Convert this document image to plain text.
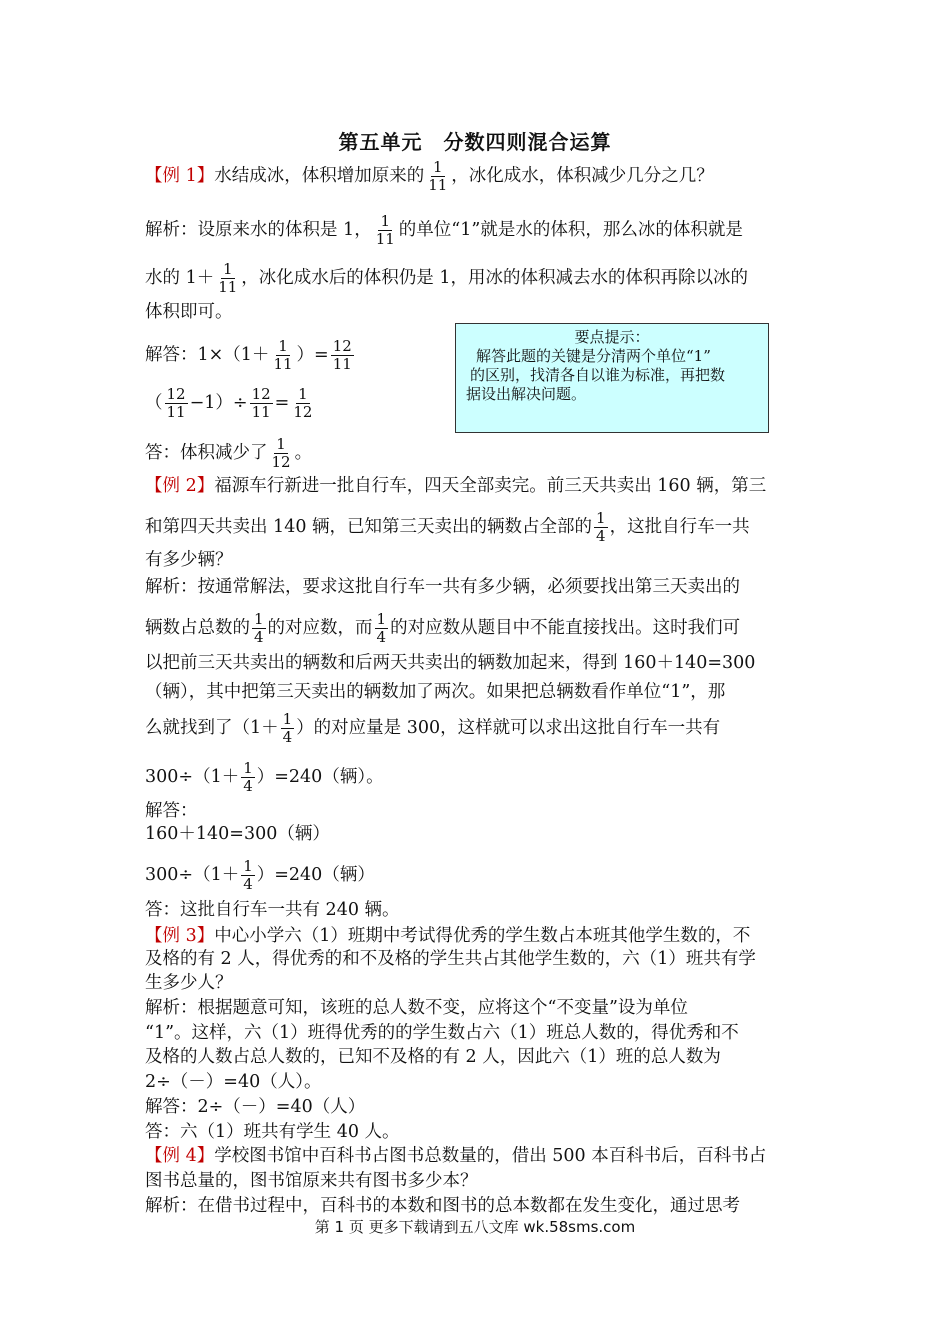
第五单元　分数四则混合运算
【例 1】水结成冰，体积增加原来的 $\frac{1}{11}$ ，冰化成水，体积减少几分之几？
解析：设原来水的体积是 1， $\frac{1}{11}$ 的单位“1”就是水的体积，那么冰的体积就是
水的 $1+ \frac{1}{11}$ ，冰化成水后的体积仍是 1，用冰的体积减去水的体积再除以冰的
体积即可。
解答：$1\times(1+ \frac{1}{11}$ ）= $\frac{12}{11}$
（ $\frac{12}{11} -1)\div \frac{12}{11} = \frac{1}{12}$
答：体积减少了 $\frac{1}{12}$ 。
要点提示：
解答此题的关键是分清两个单位“1”
的区别，找清各自以谁为标准，再把数
据设出解决问题。
【例 2】福源车行新进一批自行车，四天全部卖完。前三天共卖出 160 辆，第三
和第四天共卖出 140 辆，已知第三天卖出的辆数占全部的 $\frac{1}{4}$ ，这批自行车一共
有多少辆？
解析：按通常解法，要求这批自行车一共有多少辆，必须要找出第三天卖出的
辆数占总数的 $\frac{1}{4}$ 的对应数，而 $\frac{1}{4}$ 的对应数从题目中不能直接找出。这时我们可
以把前三天共卖出的辆数和后两天共卖出的辆数加起来，得到 160＋140=300
（辆），其中把第三天卖出的辆数加了两次。如果把总辆数看作单位“1”，那
么就找到了（$1+ \frac{1}{4}$ ）的对应量是 300，这样就可以求出这批自行车一共有
$300\div(1+ \frac{1}{4} )=240$（辆）。
解答：
160＋140=300（辆）
$300\div(1+ \frac{1}{4} )=240$（辆）
答：这批自行车一共有 240 辆。
【例 3】中心小学六（1）班期中考试得优秀的学生数占本班其他学生数的，不
及格的有 2 人，得优秀的和不及格的学生共占其他学生数的，六（1）班共有学
生多少人？
解析：根据题意可知，该班的总人数不变，应将这个“不变量”设为单位
“1”。这样，六（1）班得优秀的的学生数占六（1）班总人数的，得优秀和不
及格的人数占总人数的，已知不及格的有 2 人，因此六（1）班的总人数为
2÷（－）=40（人）。
解答：2÷（－）=40（人）
答：六（1）班共有学生 40 人。
【例 4】学校图书馆中百科书占图书总数量的，借出 500 本百科书后，百科书占
图书总量的，图书馆原来共有图书多少本？
解析：在借书过程中，百科书的本数和图书的总本数都在发生变化，通过思考
第 1 页 更多下载请到五八文库 wk.58sms.com
